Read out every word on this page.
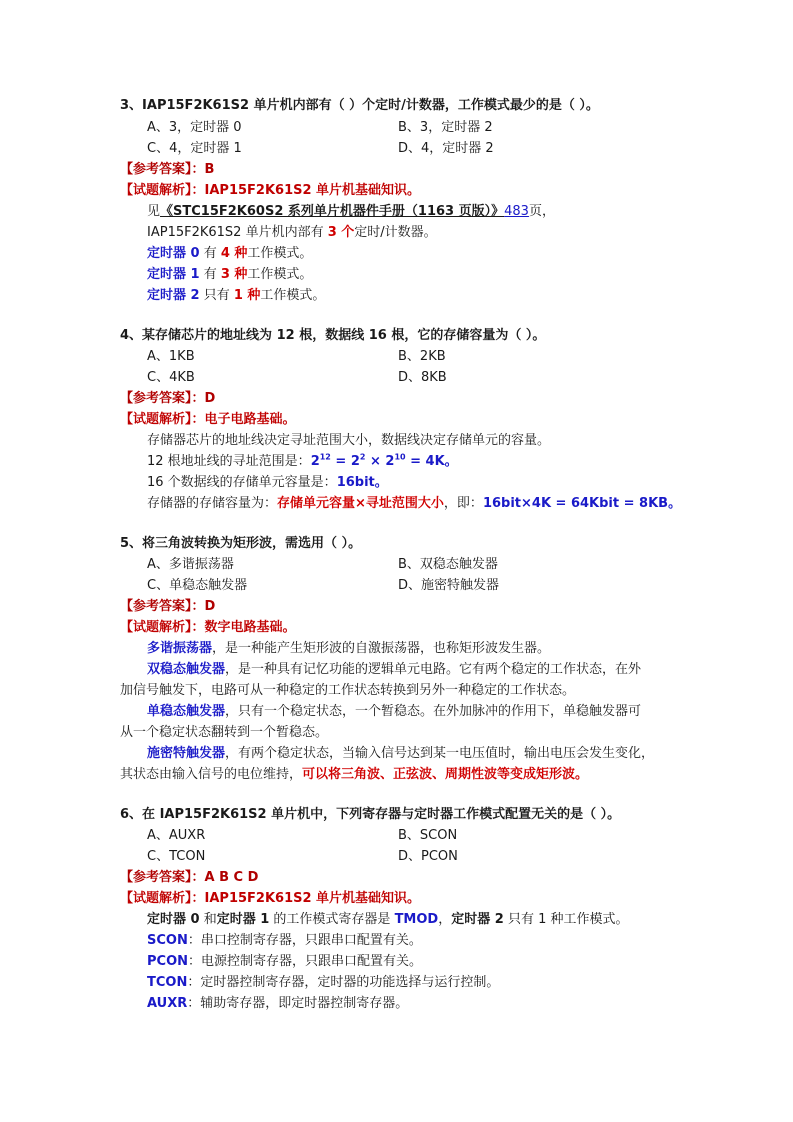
3、IAP15F2K61S2 单片机内部有（ ）个定时/计数器，工作模式最少的是（ ）。
A、3，定时器 0	B、3，定时器 2
C、4，定时器 1	D、4，定时器 2
【参考答案】：B
【试题解析】：IAP15F2K61S2 单片机基础知识。
见《STC15F2K60S2 系列单片机器件手册（1163 页版）》483页，
IAP15F2K61S2 单片机内部有 3 个定时/计数器。
定时器 0 有 4 种工作模式。
定时器 1 有 3 种工作模式。
定时器 2 只有 1 种工作模式。
4、某存储芯片的地址线为 12 根，数据线 16 根，它的存储容量为（ ）。
A、1KB	B、2KB
C、4KB	D、8KB
【参考答案】：D
【试题解析】：电子电路基础。
存储器芯片的地址线决定寻址范围大小，数据线决定存储单元的容量。
12 根地址线的寻址范围是：$2^{12} = 2^2 \times 2^{10} = 4K$。
16 个数据线的存储单元容量是：16bit。
存储器的存储容量为：存储单元容量×寻址范围大小，即：16bit×4K = 64Kbit = 8KB。
5、将三角波转换为矩形波，需选用（ ）。
A、多谐振荡器	B、双稳态触发器
C、单稳态触发器	D、施密特触发器
【参考答案】：D
【试题解析】：数字电路基础。
多谐振荡器，是一种能产生矩形波的自激振荡器，也称矩形波发生器。
双稳态触发器，是一种具有记忆功能的逻辑单元电路。它有两个稳定的工作状态，在外
加信号触发下，电路可从一种稳定的工作状态转换到另外一种稳定的工作状态。
单稳态触发器，只有一个稳定状态，一个暂稳态。在外加脉冲的作用下，单稳触发器可
从一个稳定状态翻转到一个暂稳态。
施密特触发器，有两个稳定状态，当输入信号达到某一电压值时，输出电压会发生变化，
其状态由输入信号的电位维持，可以将三角波、正弦波、周期性波等变成矩形波。
6、在 IAP15F2K61S2 单片机中，下列寄存器与定时器工作模式配置无关的是（ ）。
A、AUXR	B、SCON
C、TCON	D、PCON
【参考答案】：A B C D
【试题解析】：IAP15F2K61S2 单片机基础知识。
定时器 0 和定时器 1 的工作模式寄存器是 TMOD，定时器 2 只有 1 种工作模式。
SCON：串口控制寄存器，只跟串口配置有关。
PCON：电源控制寄存器，只跟串口配置有关。
TCON：定时器控制寄存器，定时器的功能选择与运行控制。
AUXR：辅助寄存器，即定时器控制寄存器。
